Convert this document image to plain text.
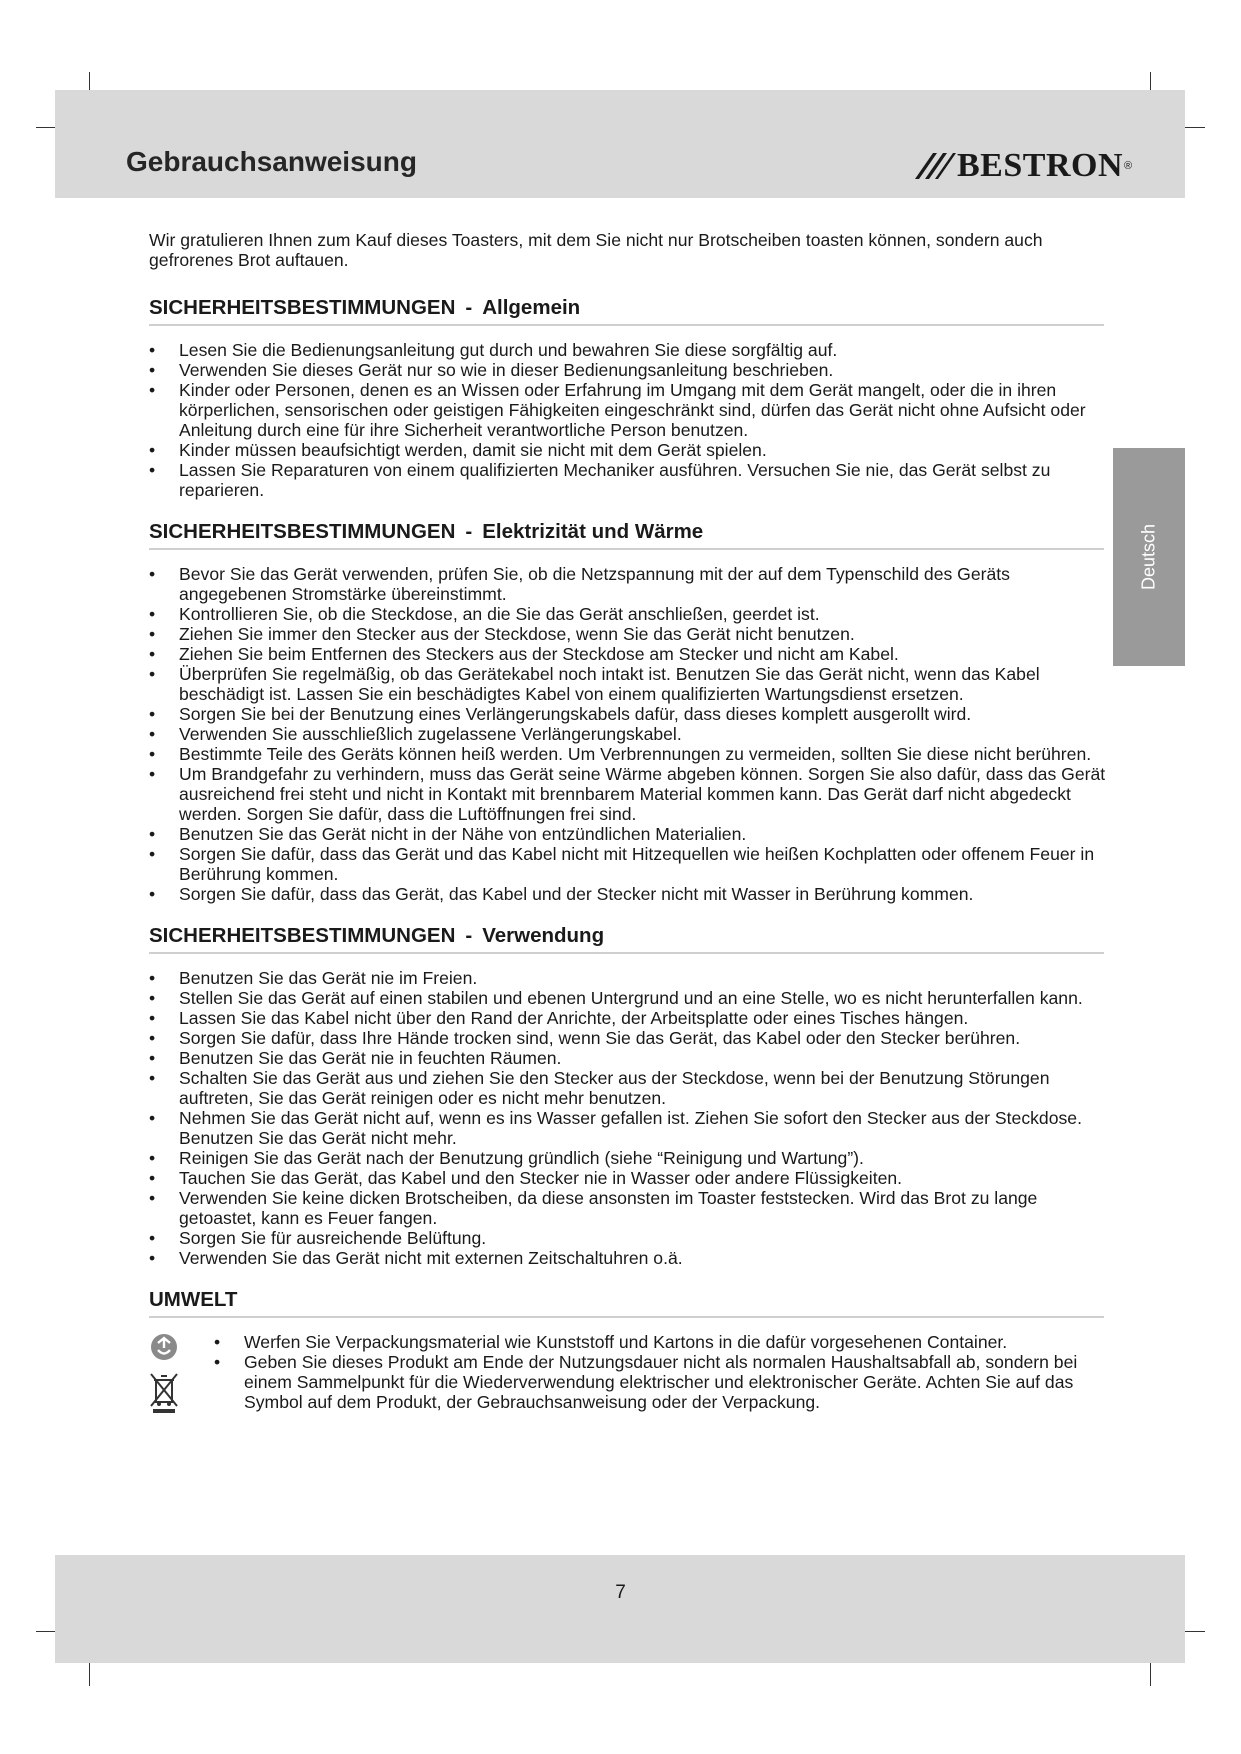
Gebrauchsanweisung	BESTRON ®
Deutsch

Wir gratulieren Ihnen zum Kauf dieses Toasters, mit dem Sie nicht nur Brotscheiben toasten können, sondern auch gefrorenes Brot auftauen.

SICHERHEITSBESTIMMUNGEN - Allgemein
• Lesen Sie die Bedienungsanleitung gut durch und bewahren Sie diese sorgfältig auf.
• Verwenden Sie dieses Gerät nur so wie in dieser Bedienungsanleitung beschrieben.
• Kinder oder Personen, denen es an Wissen oder Erfahrung im Umgang mit dem Gerät mangelt, oder die in ihren körperlichen, sensorischen oder geistigen Fähigkeiten eingeschränkt sind, dürfen das Gerät nicht ohne Aufsicht oder Anleitung durch eine für ihre Sicherheit verantwortliche Person benutzen.
• Kinder müssen beaufsichtigt werden, damit sie nicht mit dem Gerät spielen.
• Lassen Sie Reparaturen von einem qualifizierten Mechaniker ausführen. Versuchen Sie nie, das Gerät selbst zu reparieren.
SICHERHEITSBESTIMMUNGEN - Elektrizität und Wärme
• Bevor Sie das Gerät verwenden, prüfen Sie, ob die Netzspannung mit der auf dem Typenschild des Geräts angegebenen Stromstärke übereinstimmt.
• Kontrollieren Sie, ob die Steckdose, an die Sie das Gerät anschließen, geerdet ist.
• Ziehen Sie immer den Stecker aus der Steckdose, wenn Sie das Gerät nicht benutzen.
• Ziehen Sie beim Entfernen des Steckers aus der Steckdose am Stecker und nicht am Kabel.
• Überprüfen Sie regelmäßig, ob das Gerätekabel noch intakt ist. Benutzen Sie das Gerät nicht, wenn das Kabel beschädigt ist. Lassen Sie ein beschädigtes Kabel von einem qualifizierten Wartungsdienst ersetzen.
• Sorgen Sie bei der Benutzung eines Verlängerungskabels dafür, dass dieses komplett ausgerollt wird.
• Verwenden Sie ausschließlich zugelassene Verlängerungskabel.
• Bestimmte Teile des Geräts können heiß werden. Um Verbrennungen zu vermeiden, sollten Sie diese nicht berühren.
• Um Brandgefahr zu verhindern, muss das Gerät seine Wärme abgeben können. Sorgen Sie also dafür, dass das Gerät ausreichend frei steht und nicht in Kontakt mit brennbarem Material kommen kann. Das Gerät darf nicht abgedeckt werden. Sorgen Sie dafür, dass die Luftöffnungen frei sind.
• Benutzen Sie das Gerät nicht in der Nähe von entzündlichen Materialien.
• Sorgen Sie dafür, dass das Gerät und das Kabel nicht mit Hitzequellen wie heißen Kochplatten oder offenem Feuer in Berührung kommen.
• Sorgen Sie dafür, dass das Gerät, das Kabel und der Stecker nicht mit Wasser in Berührung kommen.
SICHERHEITSBESTIMMUNGEN - Verwendung
• Benutzen Sie das Gerät nie im Freien.
• Stellen Sie das Gerät auf einen stabilen und ebenen Untergrund und an eine Stelle, wo es nicht herunterfallen kann.
• Lassen Sie das Kabel nicht über den Rand der Anrichte, der Arbeitsplatte oder eines Tisches hängen.
• Sorgen Sie dafür, dass Ihre Hände trocken sind, wenn Sie das Gerät, das Kabel oder den Stecker berühren.
• Benutzen Sie das Gerät nie in feuchten Räumen.
• Schalten Sie das Gerät aus und ziehen Sie den Stecker aus der Steckdose, wenn bei der Benutzung Störungen auftreten, Sie das Gerät reinigen oder es nicht mehr benutzen.
• Nehmen Sie das Gerät nicht auf, wenn es ins Wasser gefallen ist. Ziehen Sie sofort den Stecker aus der Steckdose. Benutzen Sie das Gerät nicht mehr.
• Reinigen Sie das Gerät nach der Benutzung gründlich (siehe “Reinigung und Wartung”).
• Tauchen Sie das Gerät, das Kabel und den Stecker nie in Wasser oder andere Flüssigkeiten.
• Verwenden Sie keine dicken Brotscheiben, da diese ansonsten im Toaster feststecken. Wird das Brot zu lange getoastet, kann es Feuer fangen.
• Sorgen Sie für ausreichende Belüftung.
• Verwenden Sie das Gerät nicht mit externen Zeitschaltuhren o.ä.
UMWELT
• Werfen Sie Verpackungsmaterial wie Kunststoff und Kartons in die dafür vorgesehenen Container.
• Geben Sie dieses Produkt am Ende der Nutzungsdauer nicht als normalen Haushaltsabfall ab, sondern bei einem Sammelpunkt für die Wiederverwendung elektrischer und elektronischer Geräte. Achten Sie auf das Symbol auf dem Produkt, der Gebrauchsanweisung oder der Verpackung.
7
